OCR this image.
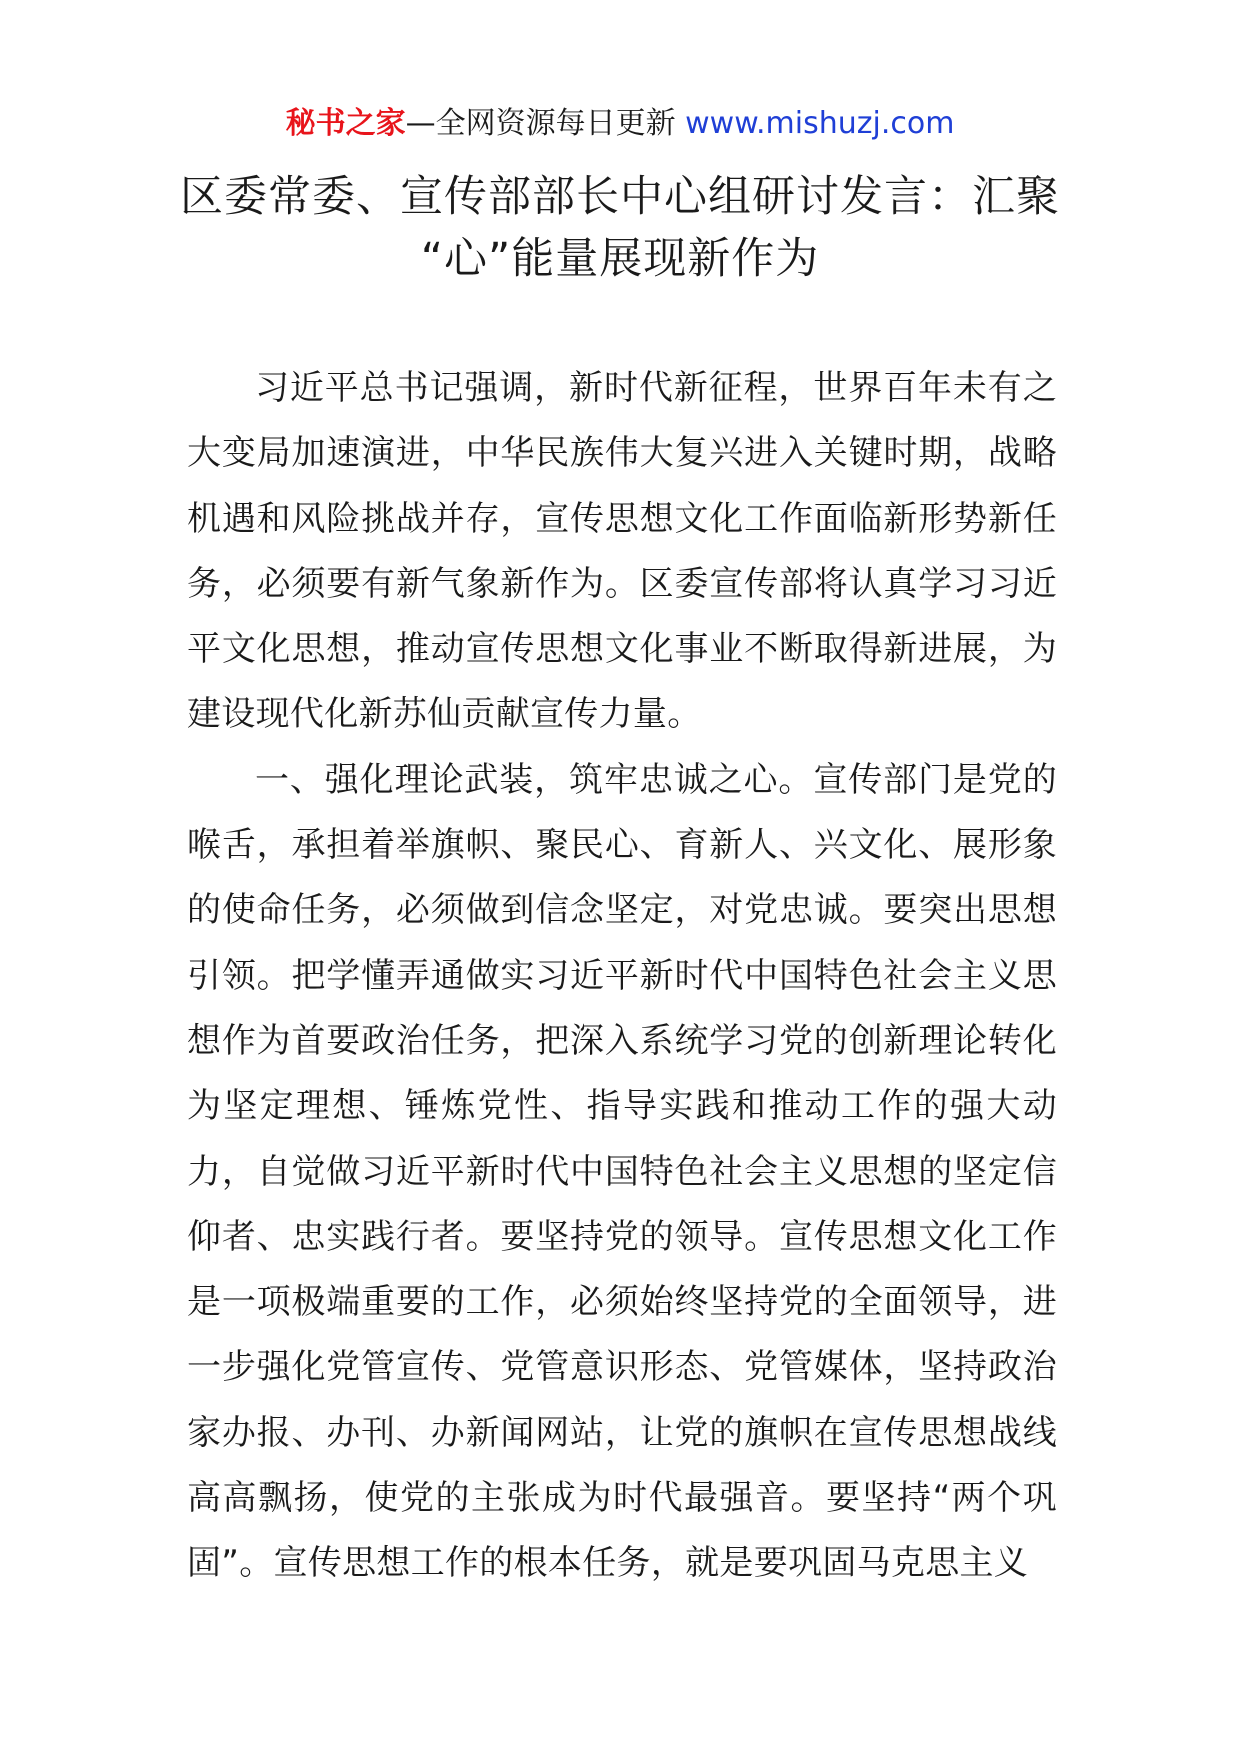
秘书之家—全网资源每日更新 www.mishuzj.com
区委常委、宣传部部长中心组研讨发言：汇聚
“心”能量展现新作为

习近平总书记强调，新时代新征程，世界百年未有之大变局加速演进，中华民族伟大复兴进入关键时期，战略机遇和风险挑战并存，宣传思想文化工作面临新形势新任务，必须要有新气象新作为。区委宣传部将认真学习习近平文化思想，推动宣传思想文化事业不断取得新进展，为建设现代化新苏仙贡献宣传力量。

一、强化理论武装，筑牢忠诚之心。宣传部门是党的喉舌，承担着举旗帜、聚民心、育新人、兴文化、展形象的使命任务，必须做到信念坚定，对党忠诚。要突出思想引领。把学懂弄通做实习近平新时代中国特色社会主义思想作为首要政治任务，把深入系统学习党的创新理论转化为坚定理想、锤炼党性、指导实践和推动工作的强大动力，自觉做习近平新时代中国特色社会主义思想的坚定信仰者、忠实践行者。要坚持党的领导。宣传思想文化工作是一项极端重要的工作，必须始终坚持党的全面领导，进一步强化党管宣传、党管意识形态、党管媒体，坚持政治家办报、办刊、办新闻网站，让党的旗帜在宣传思想战线高高飘扬，使党的主张成为时代最强音。要坚持“两个巩固”。宣传思想工作的根本任务，就是要巩固马克思主义
